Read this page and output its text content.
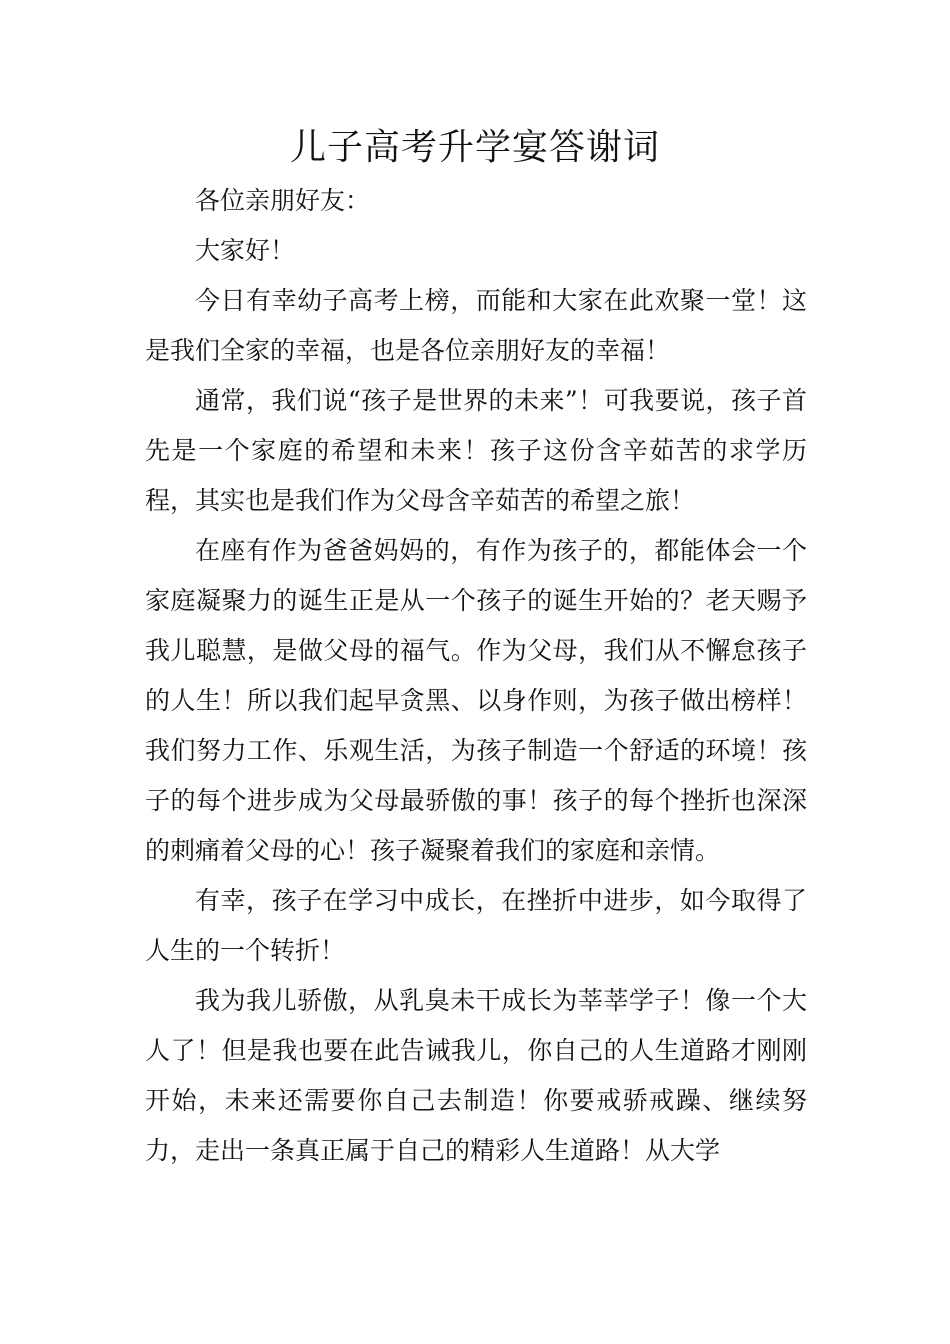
儿子高考升学宴答谢词

各位亲朋好友：

大家好！

今日有幸幼子高考上榜，而能和大家在此欢聚一堂！这是我们全家的幸福，也是各位亲朋好友的幸福！

通常，我们说“孩子是世界的未来”！可我要说，孩子首先是一个家庭的希望和未来！孩子这份含辛茹苦的求学历程，其实也是我们作为父母含辛茹苦的希望之旅！

在座有作为爸爸妈妈的，有作为孩子的，都能体会一个家庭凝聚力的诞生正是从一个孩子的诞生开始的？老天赐予我儿聪慧，是做父母的福气。作为父母，我们从不懈怠孩子的人生！所以我们起早贪黑、以身作则，为孩子做出榜样！我们努力工作、乐观生活，为孩子制造一个舒适的环境！孩子的每个进步成为父母最骄傲的事！孩子的每个挫折也深深的刺痛着父母的心！孩子凝聚着我们的家庭和亲情。

有幸，孩子在学习中成长，在挫折中进步，如今取得了人生的一个转折！

我为我儿骄傲，从乳臭未干成长为莘莘学子！像一个大人了！但是我也要在此告诫我儿，你自己的人生道路才刚刚开始，未来还需要你自己去制造！你要戒骄戒躁、继续努力，走出一条真正属于自己的精彩人生道路！从大学
